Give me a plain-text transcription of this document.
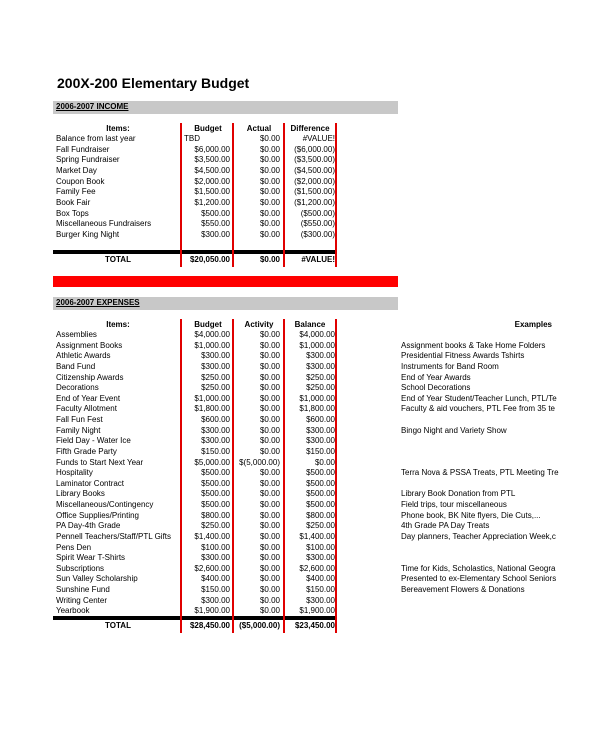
200X-200 Elementary Budget
2006-2007 INCOME
Items:	Budget	Actual	Difference
Balance from last year	TBD	$0.00	#VALUE!
Fall Fundraiser	$6,000.00	$0.00	($6,000.00)
Spring Fundraiser	$3,500.00	$0.00	($3,500.00)
Market Day	$4,500.00	$0.00	($4,500.00)
Coupon Book	$2,000.00	$0.00	($2,000.00)
Family Fee	$1,500.00	$0.00	($1,500.00)
Book Fair	$1,200.00	$0.00	($1,200.00)
Box Tops	$500.00	$0.00	($500.00)
Miscellaneous Fundraisers	$550.00	$0.00	($550.00)
Burger King Night	$300.00	$0.00	($300.00)
TOTAL	$20,050.00	$0.00	#VALUE!
2006-2007 EXPENSES
Items:	Budget	Activity	Balance	Examples
Assemblies	$4,000.00	$0.00	$4,000.00
Assignment Books	$1,000.00	$0.00	$1,000.00	Assignment books & Take Home Folders
Athletic Awards	$300.00	$0.00	$300.00	Presidential Fitness Awards Tshirts
Band Fund	$300.00	$0.00	$300.00	Instruments for Band Room
Citizenship Awards	$250.00	$0.00	$250.00	End of Year Awards
Decorations	$250.00	$0.00	$250.00	School Decorations
End of Year Event	$1,000.00	$0.00	$1,000.00	End of Year Student/Teacher Lunch, PTL/Te
Faculty Allotment	$1,800.00	$0.00	$1,800.00	Faculty & aid vouchers, PTL Fee from 35 te
Fall Fun Fest	$600.00	$0.00	$600.00
Family Night	$300.00	$0.00	$300.00	Bingo Night and Variety Show
Field Day - Water Ice	$300.00	$0.00	$300.00
Fifth Grade Party	$150.00	$0.00	$150.00
Funds to Start Next Year	$5,000.00	$(5,000.00)	$0.00
Hospitality	$500.00	$0.00	$500.00	Terra Nova & PSSA Treats, PTL Meeting Tre
Laminator Contract	$500.00	$0.00	$500.00
Library Books	$500.00	$0.00	$500.00	Library Book Donation from PTL
Miscellaneous/Contingency	$500.00	$0.00	$500.00	Field trips, tour miscellaneous
Office Supplies/Printing	$800.00	$0.00	$800.00	Phone book, BK Nite flyers, Die Cuts,...
PA Day-4th Grade	$250.00	$0.00	$250.00	4th Grade PA Day Treats
Pennell Teachers/Staff/PTL Gifts	$1,400.00	$0.00	$1,400.00	Day planners, Teacher Appreciation Week,c
Pens Den	$100.00	$0.00	$100.00
Spirit Wear T-Shirts	$300.00	$0.00	$300.00
Subscriptions	$2,600.00	$0.00	$2,600.00	Time for Kids, Scholastics, National Geogra
Sun Valley Scholarship	$400.00	$0.00	$400.00	Presented to ex-Elementary School Seniors
Sunshine Fund	$150.00	$0.00	$150.00	Bereavement Flowers & Donations
Writing Center	$300.00	$0.00	$300.00
Yearbook	$1,900.00	$0.00	$1,900.00
TOTAL	$28,450.00	($5,000.00)	$23,450.00
